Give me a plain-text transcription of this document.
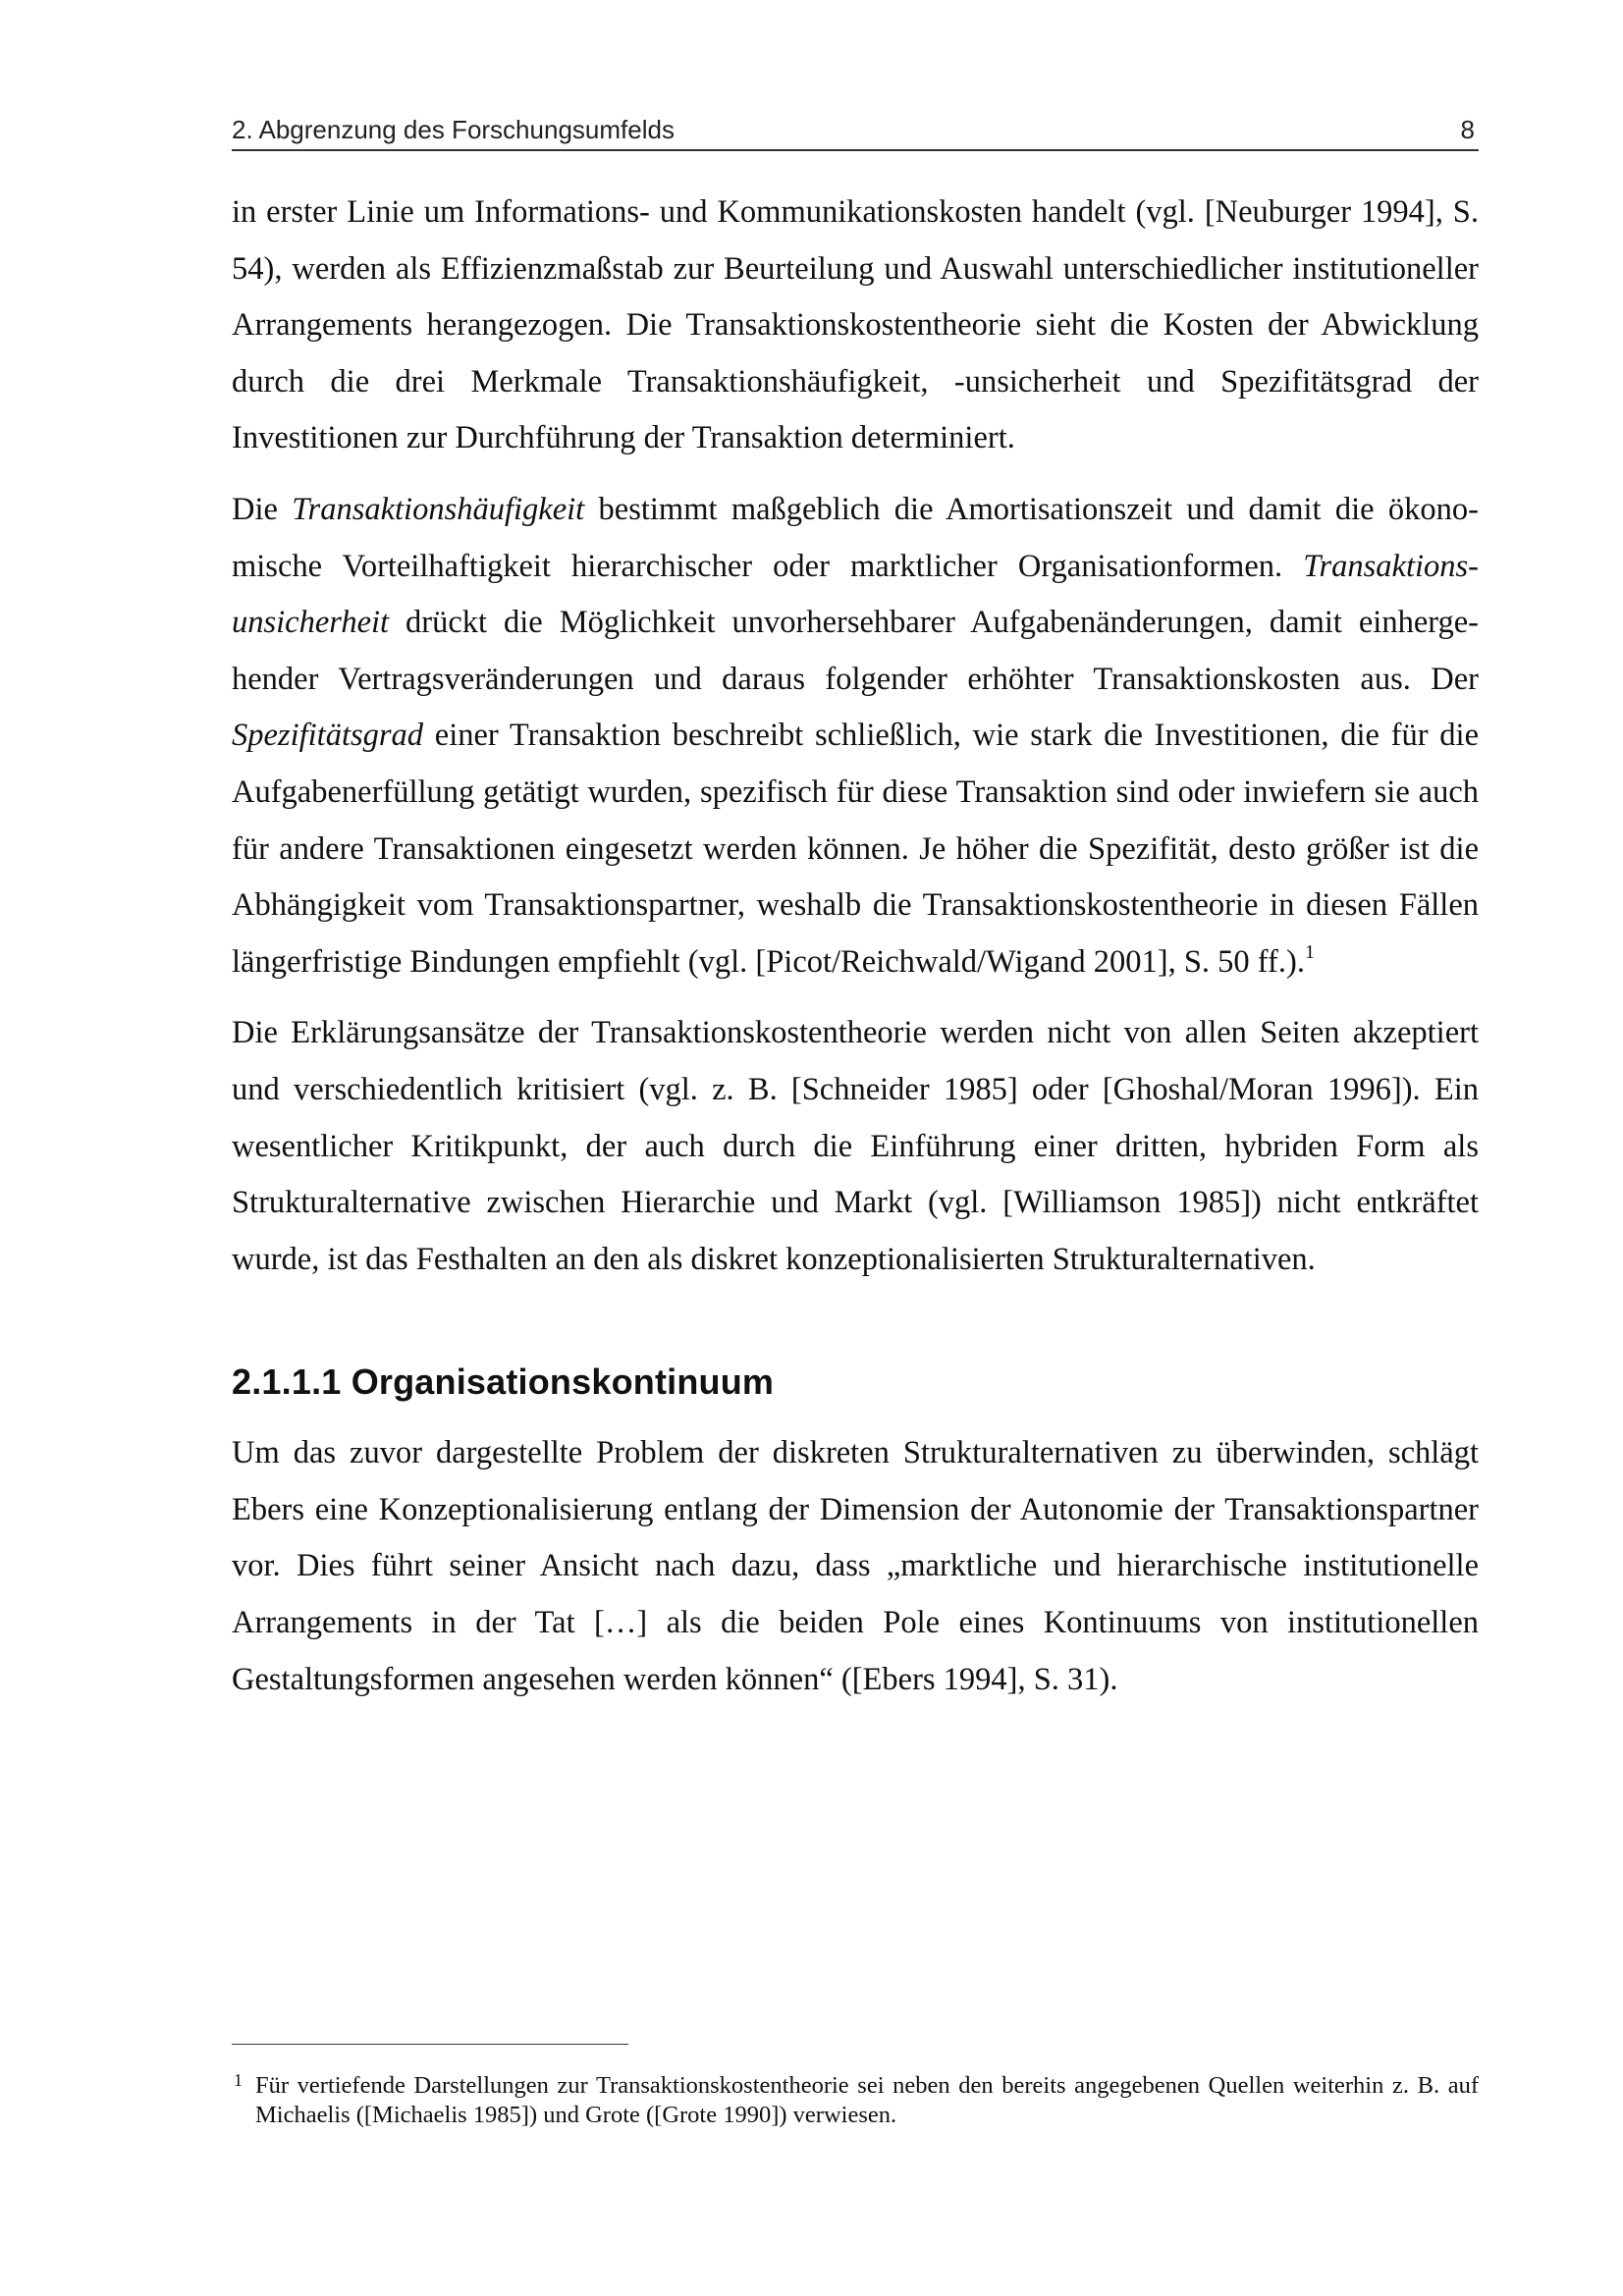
2. Abgrenzung des Forschungsumfelds	8

in erster Linie um Informations- und Kommunikationskosten handelt (vgl. [Neuburger 1994], S. 54), werden als Effizienzmaßstab zur Beurteilung und Auswahl unterschiedlicher institutioneller Arrangements herangezogen. Die Transaktionskostentheorie sieht die Kosten der Abwicklung durch die drei Merkmale Transaktionshäufigkeit, -unsicherheit und Spezifitätsgrad der Investitionen zur Durchführung der Transaktion determiniert.

Die Transaktionshäufigkeit bestimmt maßgeblich die Amortisationszeit und damit die ökonomische Vorteilhaftigkeit hierarchischer oder marktlicher Organisationformen. Transaktionsunsicherheit drückt die Möglichkeit unvorhersehbarer Aufgabenänderungen, damit einhergehender Vertragsveränderungen und daraus folgender erhöhter Transaktionskosten aus. Der Spezifitätsgrad einer Transaktion beschreibt schließlich, wie stark die Investitionen, die für die Aufgabenerfüllung getätigt wurden, spezifisch für diese Transaktion sind oder inwiefern sie auch für andere Transaktionen eingesetzt werden können. Je höher die Spezifität, desto größer ist die Abhängigkeit vom Transaktionspartner, weshalb die Transaktionskostentheorie in diesen Fällen längerfristige Bindungen empfiehlt (vgl. [Picot/Reichwald/Wigand 2001], S. 50 ff.).$^1$

Die Erklärungsansätze der Transaktionskostentheorie werden nicht von allen Seiten akzeptiert und verschiedentlich kritisiert (vgl. z. B. [Schneider 1985] oder [Ghoshal/Moran 1996]). Ein wesentlicher Kritikpunkt, der auch durch die Einführung einer dritten, hybriden Form als Strukturalternative zwischen Hierarchie und Markt (vgl. [Williamson 1985]) nicht entkräftet wurde, ist das Festhalten an den als diskret konzeptionalisierten Strukturalternativen.

2.1.1.1 Organisationskontinuum

Um das zuvor dargestellte Problem der diskreten Strukturalternativen zu überwinden, schlägt Ebers eine Konzeptionalisierung entlang der Dimension der Autonomie der Transaktionspartner vor. Dies führt seiner Ansicht nach dazu, dass „marktliche und hierarchische institutionelle Arrangements in der Tat […] als die beiden Pole eines Kontinuums von institutionellen Gestaltungsformen angesehen werden können“ ([Ebers 1994], S. 31).

1 Für vertiefende Darstellungen zur Transaktionskostentheorie sei neben den bereits angegebenen Quellen weiterhin z. B. auf Michaelis ([Michaelis 1985]) und Grote ([Grote 1990]) verwiesen.
